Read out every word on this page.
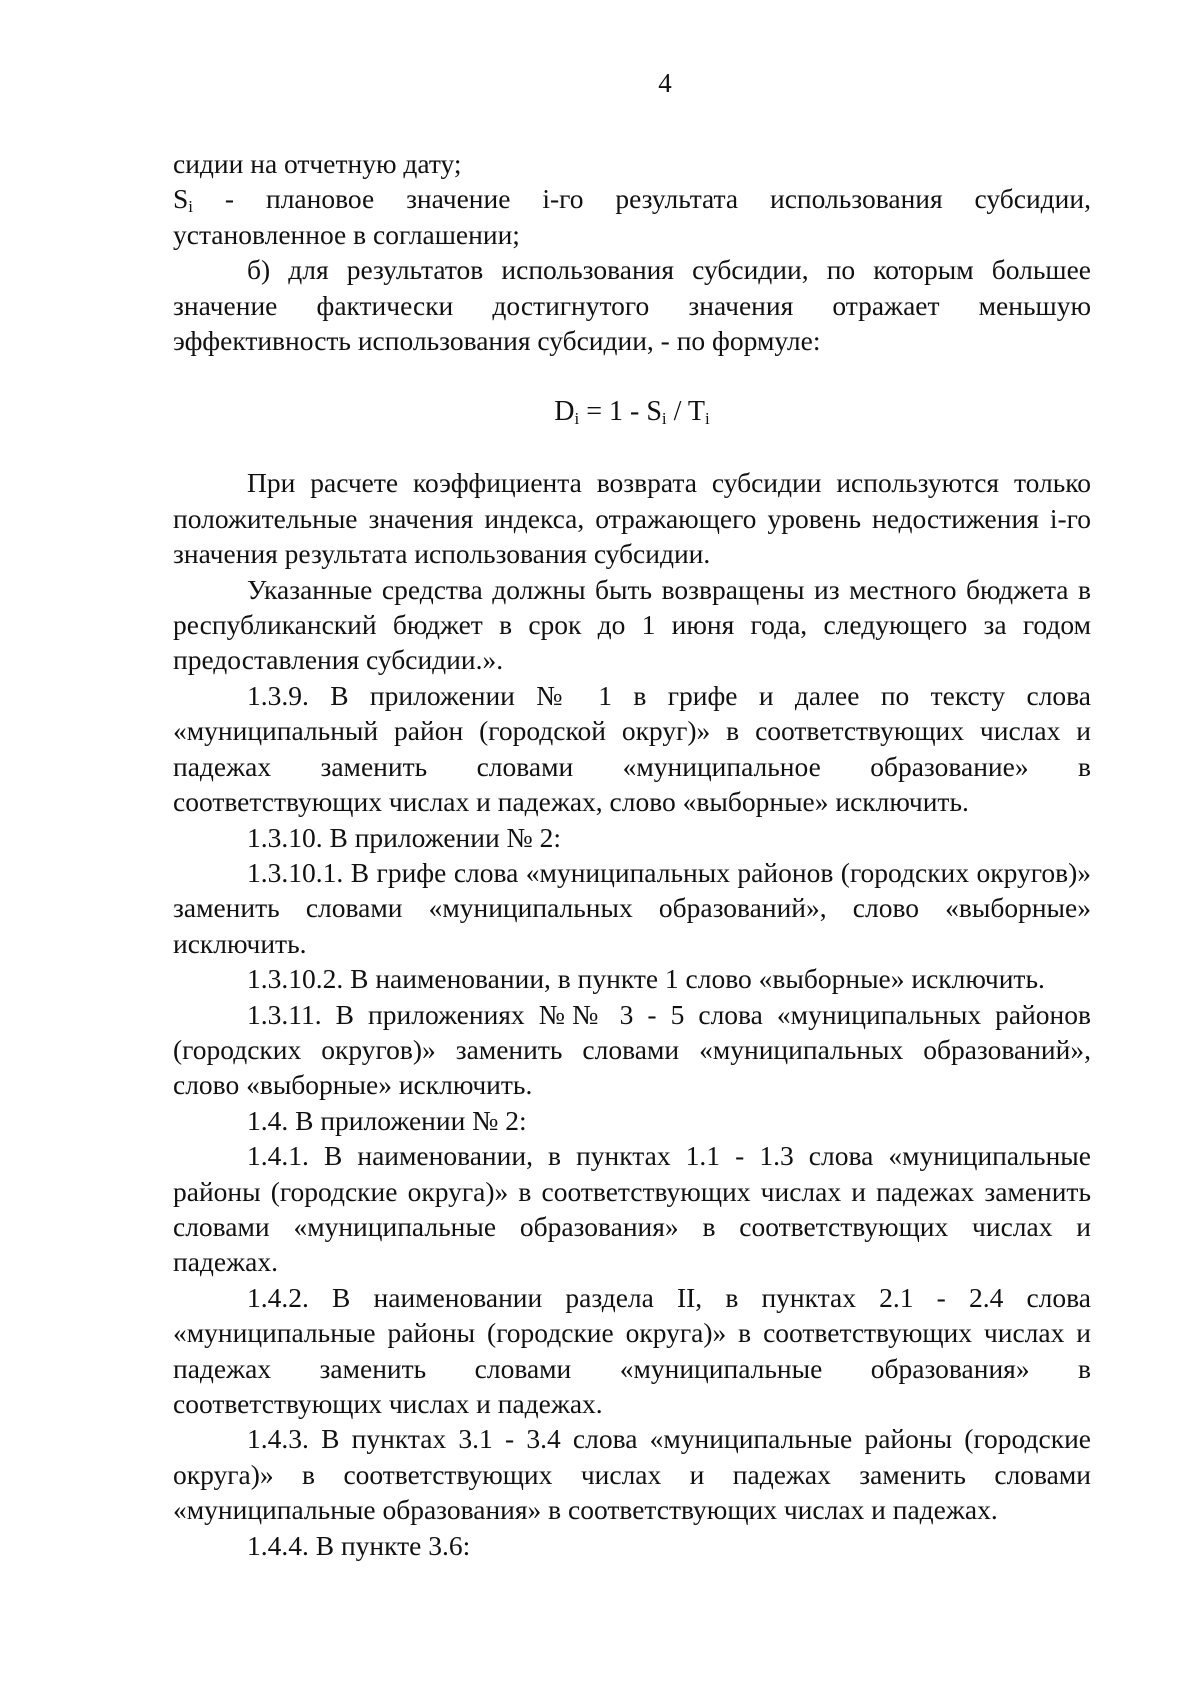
4

сидии на отчетную дату;

$S_i$ - плановое значение i-го результата использования субсидии, установленное в соглашении;

б) для результатов использования субсидии, по которым большее значение фактически достигнутого значения отражает меньшую эффективность использования субсидии, - по формуле:

$D_i = 1 - S_i / T_i$

При расчете коэффициента возврата субсидии используются только положительные значения индекса, отражающего уровень недостижения i-го значения результата использования субсидии.

Указанные средства должны быть возвращены из местного бюджета в республиканский бюджет в срок до 1 июня года, следующего за годом предоставления субсидии.».

1.3.9. В приложении № 1 в грифе и далее по тексту слова «муниципальный район (городской округ)» в соответствующих числах и падежах заменить словами «муниципальное образование» в соответствующих числах и падежах, слово «выборные» исключить.

1.3.10. В приложении № 2:

1.3.10.1. В грифе слова «муниципальных районов (городских округов)» заменить словами «муниципальных образований», слово «выборные» исключить.

1.3.10.2. В наименовании, в пункте 1 слово «выборные» исключить.

1.3.11. В приложениях №№ 3 - 5 слова «муниципальных районов (городских округов)» заменить словами «муниципальных образований», слово «выборные» исключить.

1.4. В приложении № 2:

1.4.1. В наименовании, в пунктах 1.1 - 1.3 слова «муниципальные районы (городские округа)» в соответствующих числах и падежах заменить словами «муниципальные образования» в соответствующих числах и падежах.

1.4.2. В наименовании раздела II, в пунктах 2.1 - 2.4 слова «муниципальные районы (городские округа)» в соответствующих числах и падежах заменить словами «муниципальные образования» в соответствующих числах и падежах.

1.4.3. В пунктах 3.1 - 3.4 слова «муниципальные районы (городские округа)» в соответствующих числах и падежах заменить словами «муниципальные образования» в соответствующих числах и падежах.

1.4.4. В пункте 3.6:
